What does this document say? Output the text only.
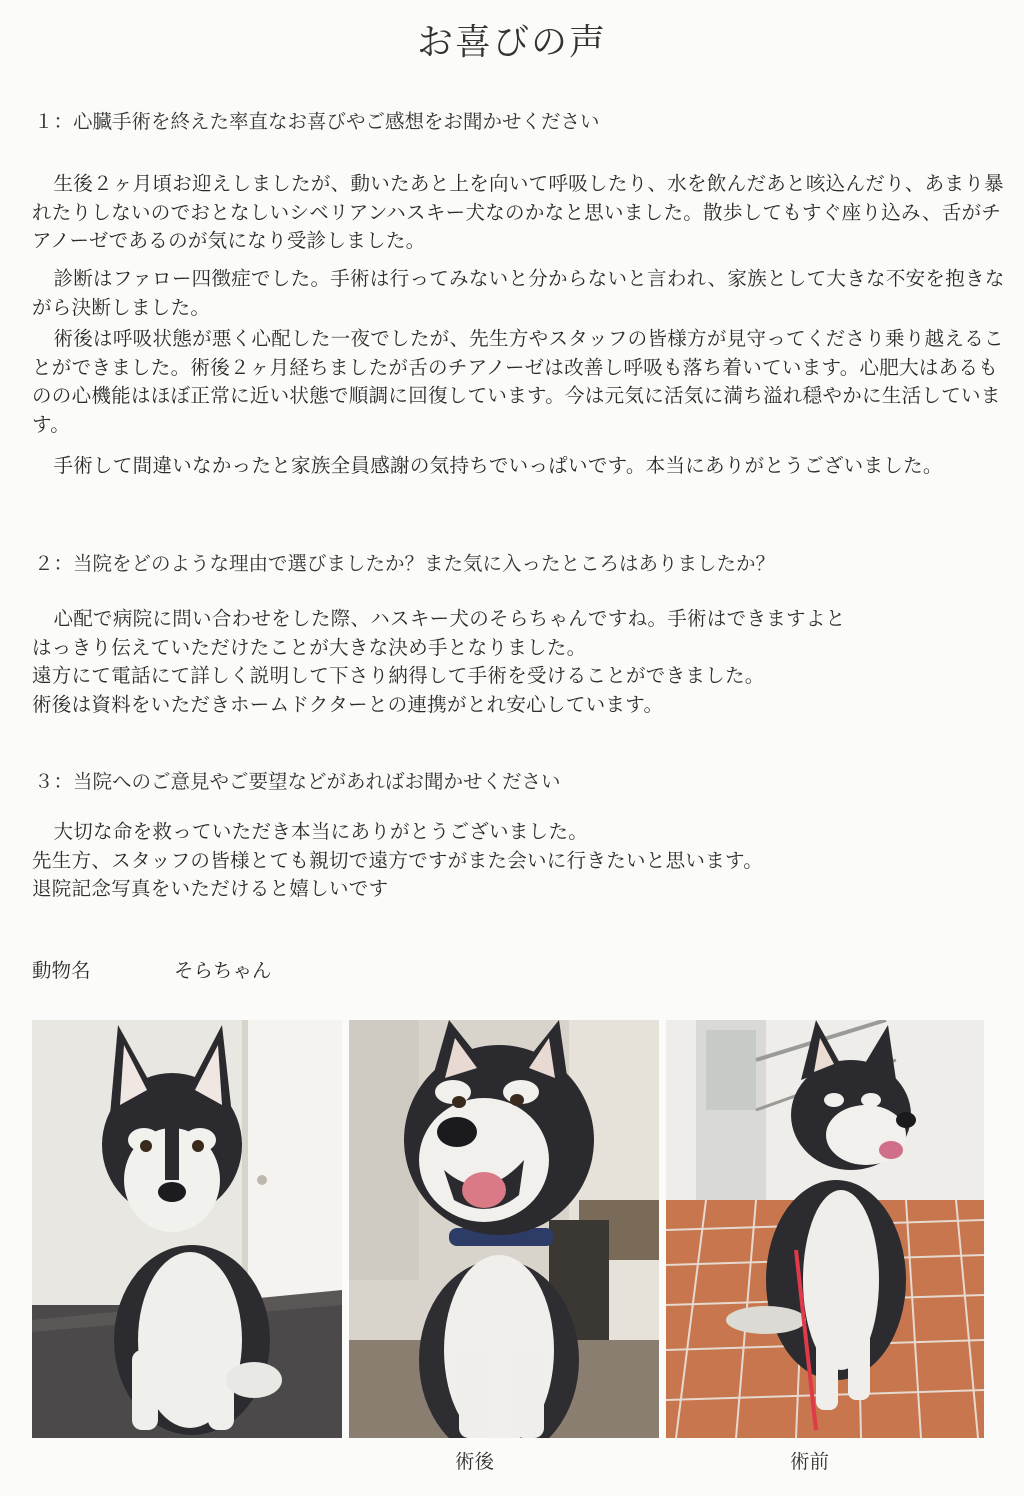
お喜びの声
１：心臓手術を終えた率直なお喜びやご感想をお聞かせください

生後２ヶ月頃お迎えしましたが、動いたあと上を向いて呼吸したり、水を飲んだあと咳込んだり、あまり暴れたりしないのでおとなしいシベリアンハスキー犬なのかなと思いました。散歩してもすぐ座り込み、舌がチアノーゼであるのが気になり受診しました。

診断はファロー四徴症でした。手術は行ってみないと分からないと言われ、家族として大きな不安を抱きながら決断しました。

術後は呼吸状態が悪く心配した一夜でしたが、先生方やスタッフの皆様方が見守ってくださり乗り越えることができました。術後２ヶ月経ちましたが舌のチアノーゼは改善し呼吸も落ち着いています。心肥大はあるものの心機能はほぼ正常に近い状態で順調に回復しています。今は元気に活気に満ち溢れ穏やかに生活しています。

手術して間違いなかったと家族全員感謝の気持ちでいっぱいです。本当にありがとうございました。

２：当院をどのような理由で選びましたか？また気に入ったところはありましたか？
心配で病院に問い合わせをした際、ハスキー犬のそらちゃんですね。手術はできますよと
はっきり伝えていただけたことが大きな決め手となりました。
遠方にて電話にて詳しく説明して下さり納得して手術を受けることができました。
術後は資料をいただきホームドクターとの連携がとれ安心しています。
３：当院へのご意見やご要望などがあればお聞かせください
大切な命を救っていただき本当にありがとうございました。
先生方、スタッフの皆様とても親切で遠方ですがまた会いに行きたいと思います。
退院記念写真をいただけると嬉しいです
動物名	そらちゃん
術後	術前
